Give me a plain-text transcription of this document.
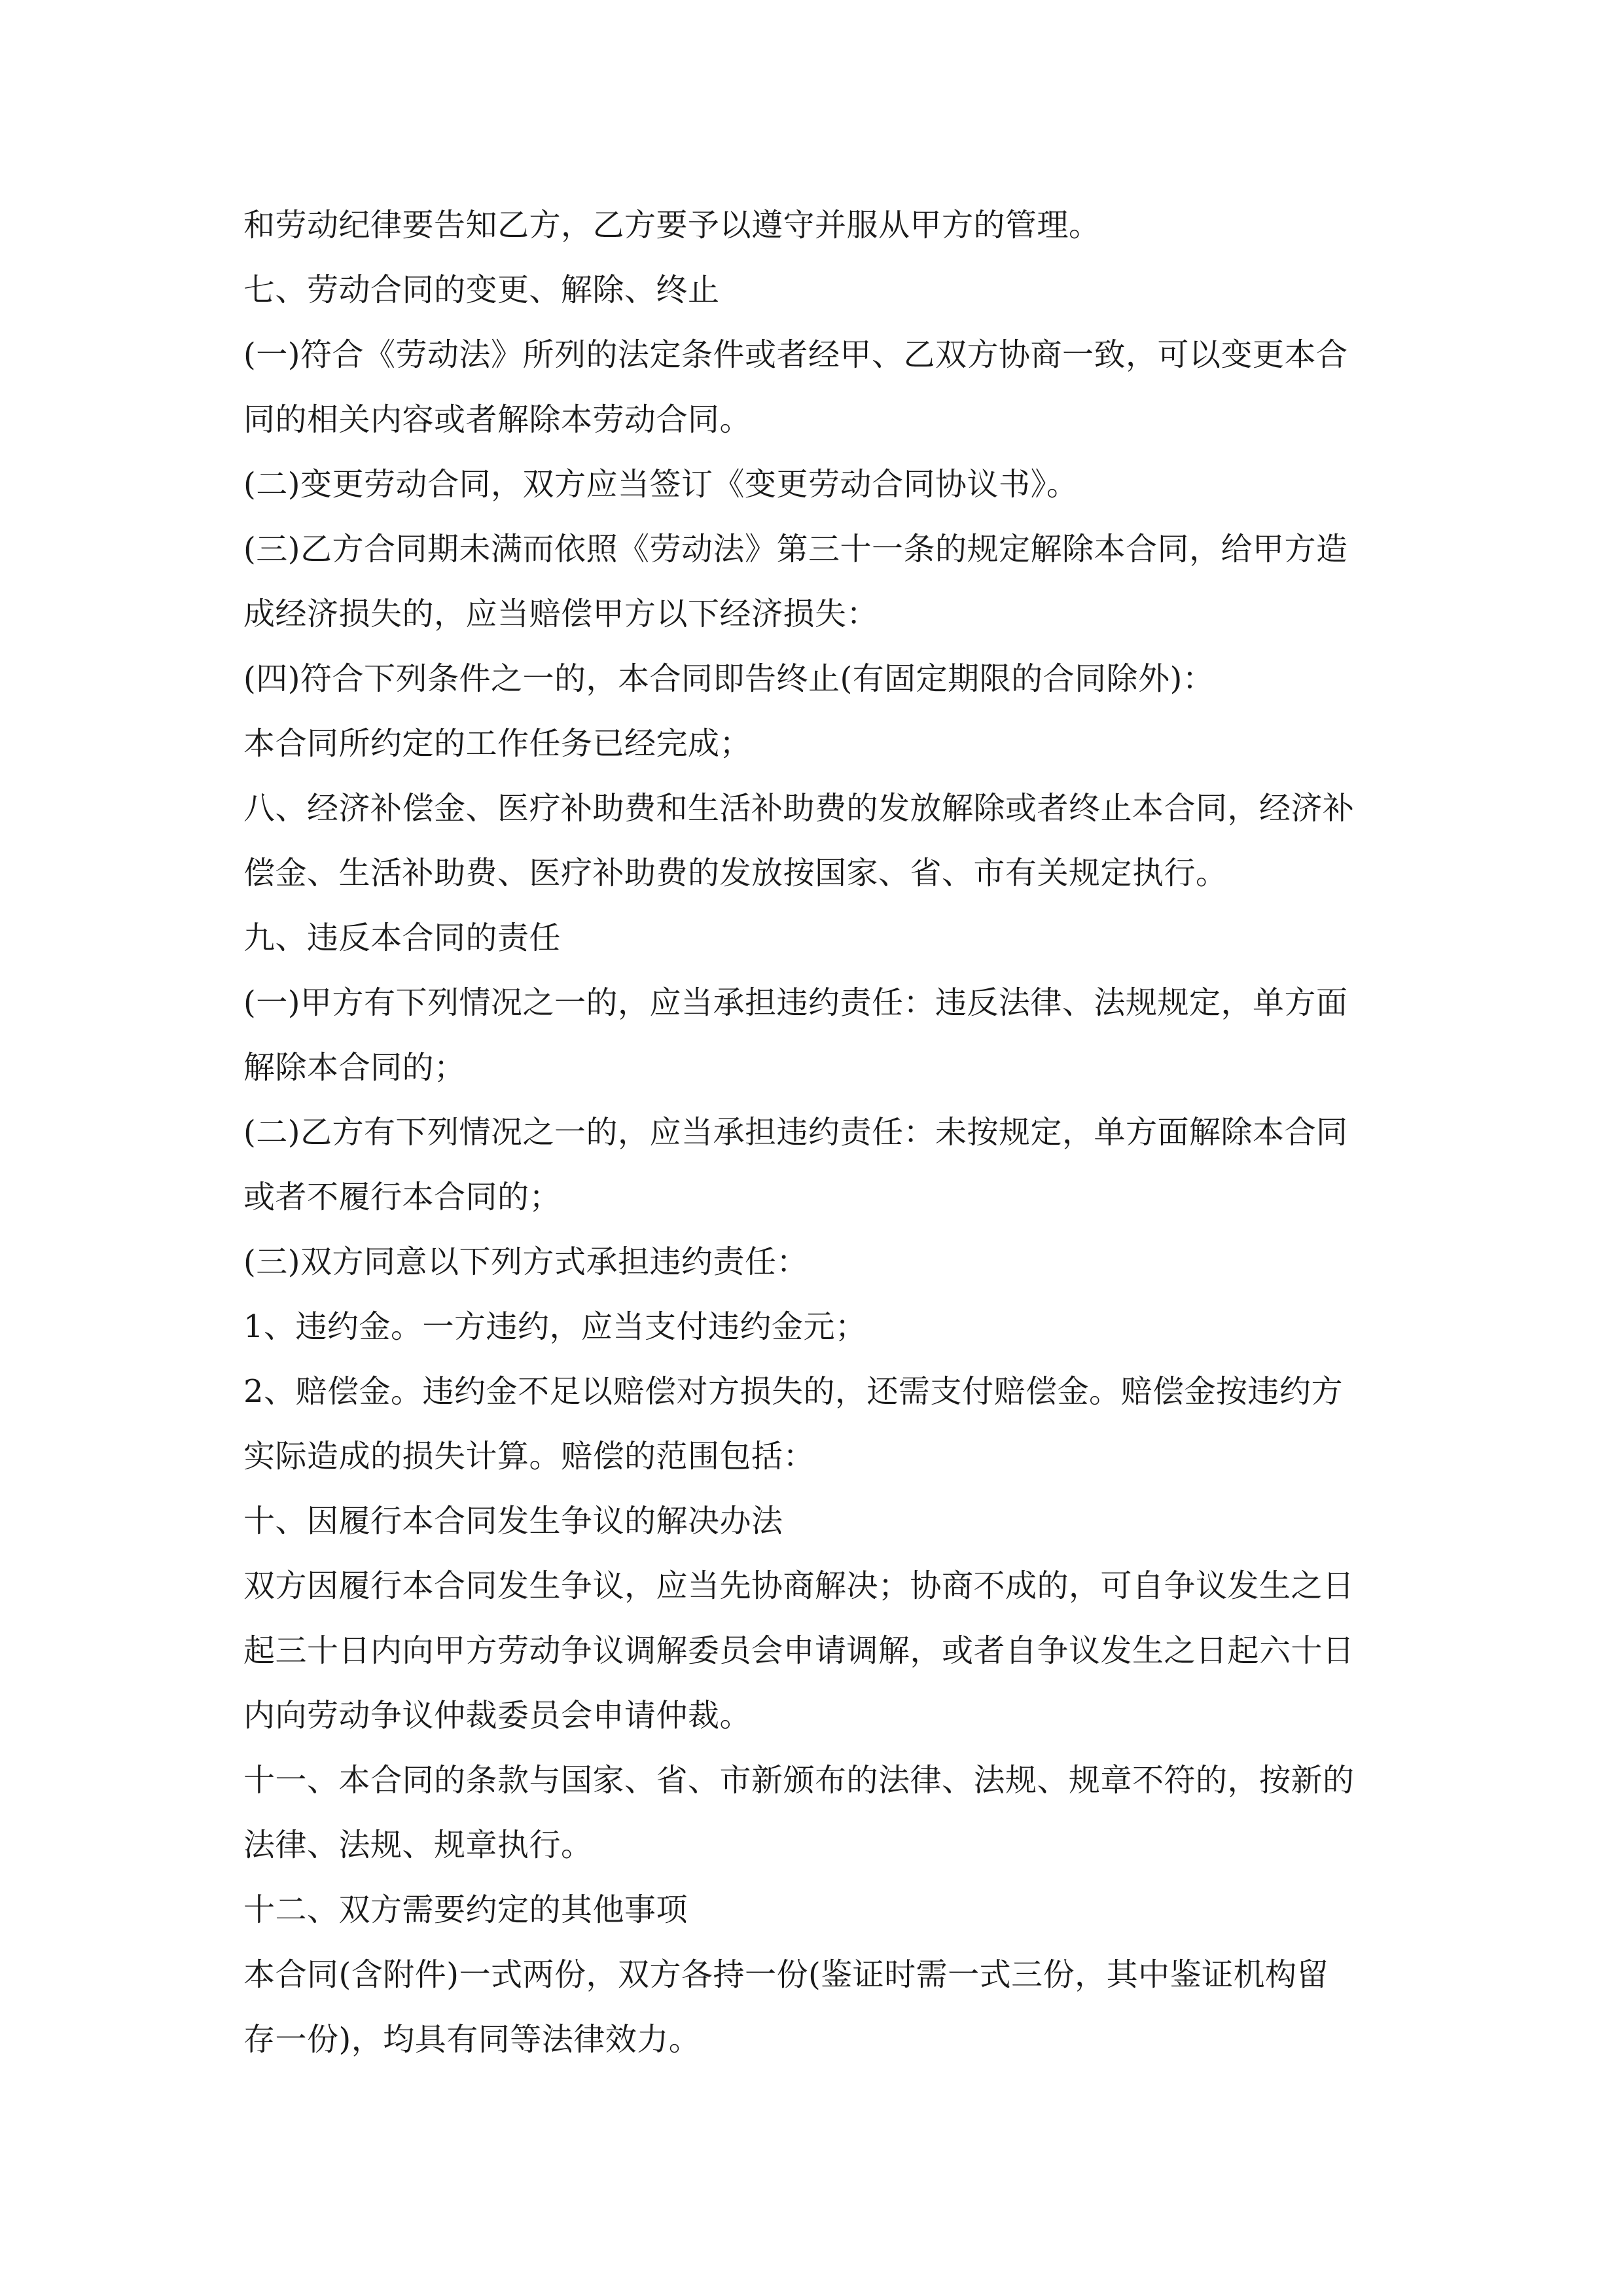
和劳动纪律要告知乙方，乙方要予以遵守并服从甲方的管理。
七、劳动合同的变更、解除、终止
(一)符合《劳动法》所列的法定条件或者经甲、乙双方协商一致，可以变更本合
同的相关内容或者解除本劳动合同。
(二)变更劳动合同，双方应当签订《变更劳动合同协议书》。
(三)乙方合同期未满而依照《劳动法》第三十一条的规定解除本合同，给甲方造
成经济损失的，应当赔偿甲方以下经济损失：
(四)符合下列条件之一的，本合同即告终止(有固定期限的合同除外)：
本合同所约定的工作任务已经完成；
八、经济补偿金、医疗补助费和生活补助费的发放解除或者终止本合同，经济补
偿金、生活补助费、医疗补助费的发放按国家、省、市有关规定执行。
九、违反本合同的责任
(一)甲方有下列情况之一的，应当承担违约责任：违反法律、法规规定，单方面
解除本合同的；
(二)乙方有下列情况之一的，应当承担违约责任：未按规定，单方面解除本合同
或者不履行本合同的；
(三)双方同意以下列方式承担违约责任：
1、违约金。一方违约，应当支付违约金元；
2、赔偿金。违约金不足以赔偿对方损失的，还需支付赔偿金。赔偿金按违约方
实际造成的损失计算。赔偿的范围包括：
十、因履行本合同发生争议的解决办法
双方因履行本合同发生争议，应当先协商解决；协商不成的，可自争议发生之日
起三十日内向甲方劳动争议调解委员会申请调解，或者自争议发生之日起六十日
内向劳动争议仲裁委员会申请仲裁。
十一、本合同的条款与国家、省、市新颁布的法律、法规、规章不符的，按新的
法律、法规、规章执行。
十二、双方需要约定的其他事项
本合同(含附件)一式两份，双方各持一份(鉴证时需一式三份，其中鉴证机构留
存一份)，均具有同等法律效力。
